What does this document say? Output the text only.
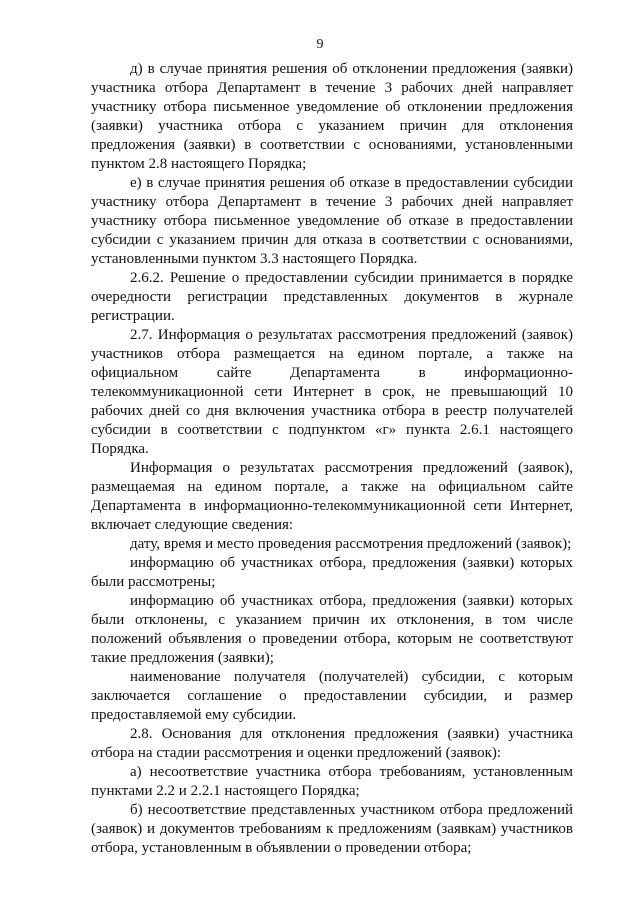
9

д) в случае принятия решения об отклонении предложения (заявки) участника отбора Департамент в течение 3 рабочих дней направляет участнику отбора письменное уведомление об отклонении предложения (заявки) участника отбора с указанием причин для отклонения предложения (заявки) в соответствии с основаниями, установленными пунктом 2.8 настоящего Порядка;

е) в случае принятия решения об отказе в предоставлении субсидии участнику отбора Департамент в течение 3 рабочих дней направляет участнику отбора письменное уведомление об отказе в предоставлении субсидии с указанием причин для отказа в соответствии с основаниями, установленными пунктом 3.3 настоящего Порядка.

2.6.2. Решение о предоставлении субсидии принимается в порядке очередности регистрации представленных документов в журнале регистрации.

2.7. Информация о результатах рассмотрения предложений (заявок) участников отбора размещается на едином портале, а также на официальном сайте Департамента в информационно-телекоммуникационной сети Интернет в срок, не превышающий 10 рабочих дней со дня включения участника отбора в реестр получателей субсидии в соответствии с подпунктом «г» пункта 2.6.1 настоящего Порядка.

Информация о результатах рассмотрения предложений (заявок), размещаемая на едином портале, а также на официальном сайте Департамента в информационно-телекоммуникационной сети Интернет, включает следующие сведения:

дату, время и место проведения рассмотрения предложений (заявок);

информацию об участниках отбора, предложения (заявки) которых были рассмотрены;

информацию об участниках отбора, предложения (заявки) которых были отклонены, с указанием причин их отклонения, в том числе положений объявления о проведении отбора, которым не соответствуют такие предложения (заявки);

наименование получателя (получателей) субсидии, с которым заключается соглашение о предоставлении субсидии, и размер предоставляемой ему субсидии.

2.8. Основания для отклонения предложения (заявки) участника отбора на стадии рассмотрения и оценки предложений (заявок):

а) несоответствие участника отбора требованиям, установленным пунктами 2.2 и 2.2.1 настоящего Порядка;

б) несоответствие представленных участником отбора предложений (заявок) и документов требованиям к предложениям (заявкам) участников отбора, установленным в объявлении о проведении отбора;
